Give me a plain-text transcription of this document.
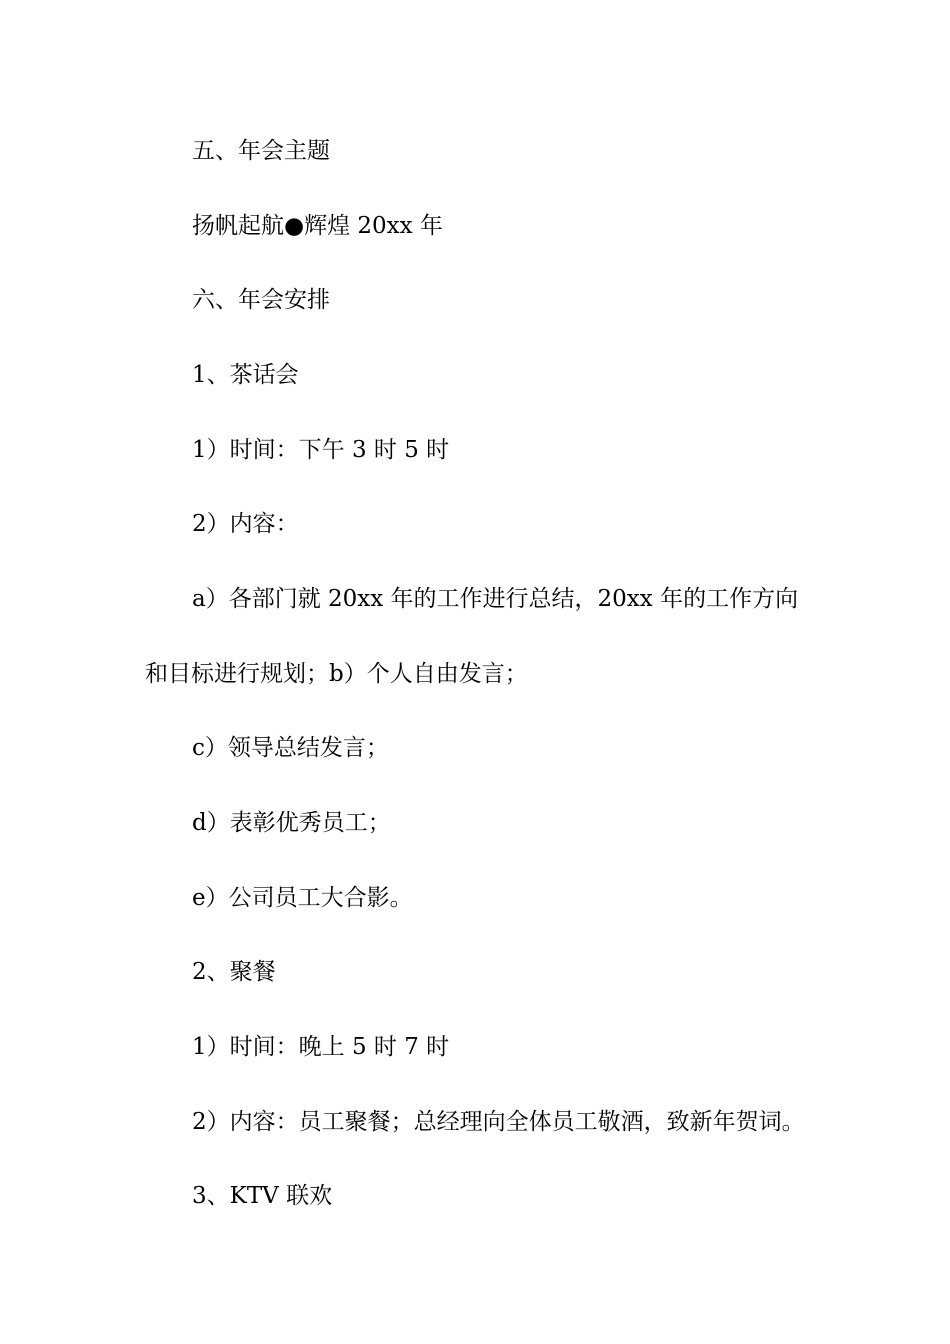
五、年会主题
扬帆起航●辉煌 20xx 年
六、年会安排
1、茶话会
1）时间：下午 3 时 5 时
2）内容：
a）各部门就 20xx 年的工作进行总结，20xx 年的工作方向
和目标进行规划；b）个人自由发言；
c）领导总结发言；
d）表彰优秀员工；
e）公司员工大合影。
2、聚餐
1）时间：晚上 5 时 7 时
2）内容：员工聚餐；总经理向全体员工敬酒，致新年贺词。
3、KTV 联欢
